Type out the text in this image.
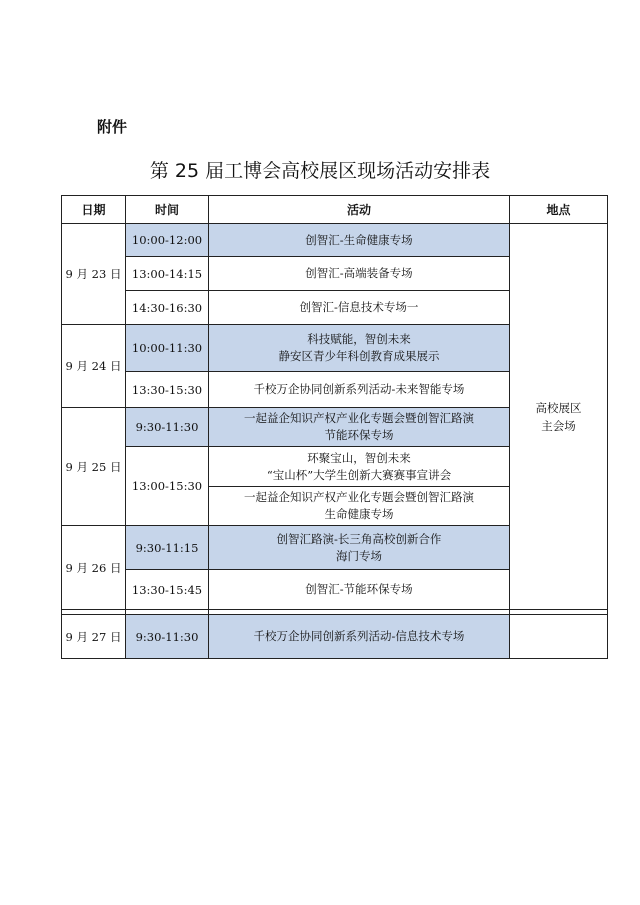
附件
第 25 届工博会高校展区现场活动安排表
日期	时间	活动	地点
9 月 23 日	10:00-12:00	创智汇-生命健康专场	高校展区
主会场

	13:00-14:15	创智汇-高端装备专场	

	14:30-16:30	创智汇-信息技术专场一	

9 月 24 日	10:00-11:30	科技赋能，智创未来
静安区青少年科创教育成果展示	

	13:30-15:30	千校万企协同创新系列活动-未来智能专场	

9 月 25 日	9:30-11:30	一起益企知识产权产业化专题会暨创智汇路演
节能环保专场	

	13:00-15:30	环聚宝山，智创未来
“宝山杯”大学生创新大赛赛事宣讲会	

		一起益企知识产权产业化专题会暨创智汇路演
生命健康专场	

9 月 26 日	9:30-11:15	创智汇路演-长三角高校创新合作
海门专场	

	13:30-15:45	创智汇-节能环保专场	

9 月 27 日	9:30-11:30	千校万企协同创新系列活动-信息技术专场	
